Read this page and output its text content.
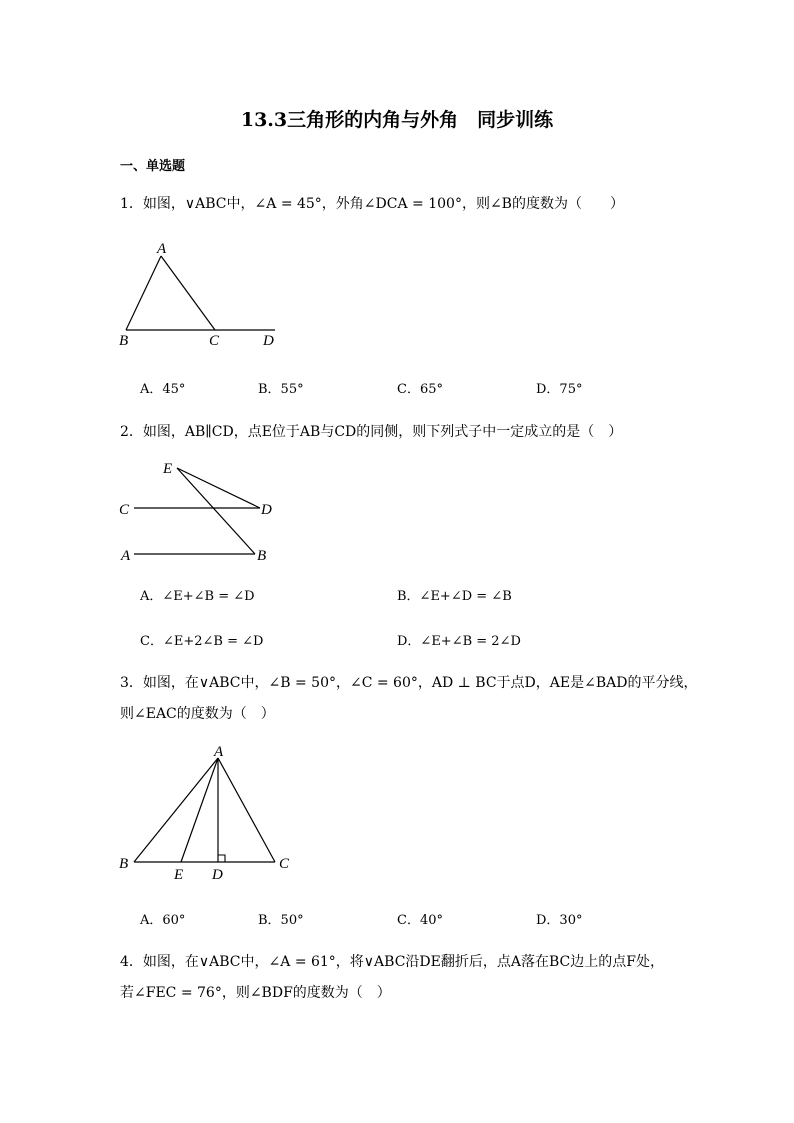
13.3三角形的内角与外角　同步训练
一、单选题
1．如图，∨ABC中，∠A = 45°，外角∠DCA = 100°，则∠B的度数为（　　）
A
B	C	D
A．45°	B．55°	C．65°	D．75°
2．如图，AB∥CD，点E位于AB与CD的同侧，则下列式子中一定成立的是（　）
E
C	D
A	B
A．∠E+∠B = ∠D	B．∠E+∠D = ∠B
C．∠E+2∠B = ∠D	D．∠E+∠B = 2∠D
3．如图，在∨ABC中，∠B = 50°，∠C = 60°，AD ⊥ BC于点D，AE是∠BAD的平分线，
则∠EAC的度数为（　）
A
B	C
E D
A．60°	B．50°	C．40°	D．30°
4．如图，在∨ABC中，∠A = 61°，将∨ABC沿DE翻折后，点A落在BC边上的点F处，
若∠FEC = 76°，则∠BDF的度数为（　）
